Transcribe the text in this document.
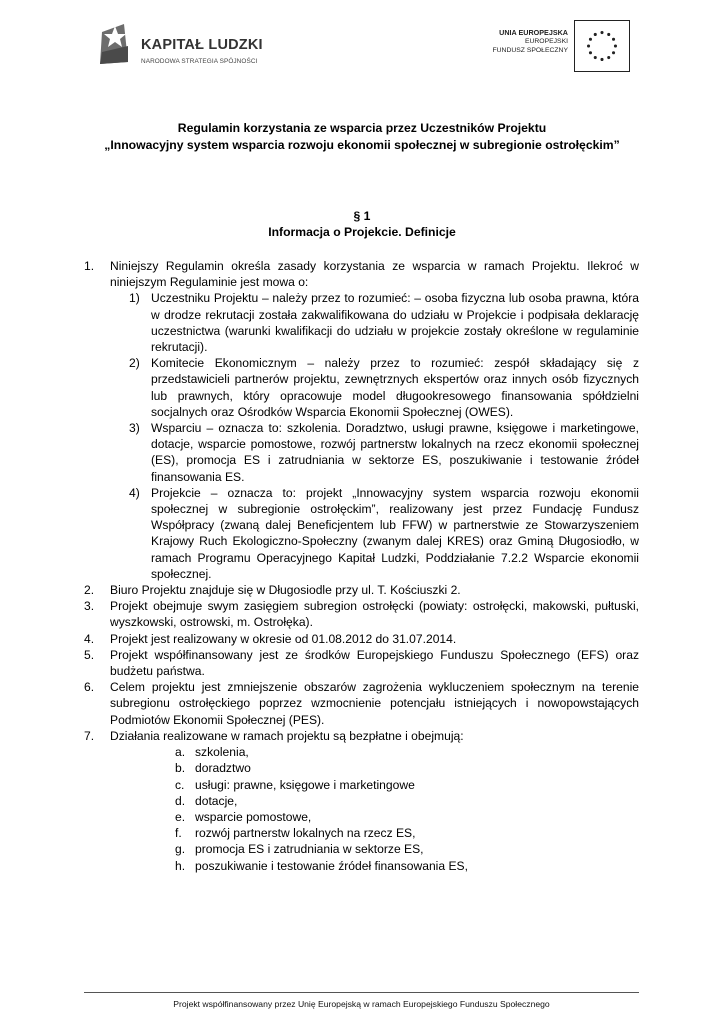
KAPITAŁ LUDZKI
NARODOWA STRATEGIA SPÓJNOŚCI
UNIA EUROPEJSKA
EUROPEJSKI
FUNDUSZ SPOŁECZNY
Regulamin korzystania ze wsparcia przez Uczestników Projektu
„Innowacyjny system wsparcia rozwoju ekonomii społecznej w subregionie ostrołęckim”
§ 1
Informacja o Projekcie. Definicje
1. Niniejszy Regulamin określa zasady korzystania ze wsparcia w ramach Projektu. Ilekroć w niniejszym Regulaminie jest mowa o:
1) Uczestniku Projektu – należy przez to rozumieć: – osoba fizyczna lub osoba prawna, która w drodze rekrutacji została zakwalifikowana do udziału w Projekcie i podpisała deklarację uczestnictwa (warunki kwalifikacji do udziału w projekcie zostały określone w regulaminie rekrutacji).
2) Komitecie Ekonomicznym – należy przez to rozumieć: zespół składający się z przedstawicieli partnerów projektu, zewnętrznych ekspertów oraz innych osób fizycznych lub prawnych, który opracowuje model długookresowego finansowania spółdzielni socjalnych oraz Ośrodków Wsparcia Ekonomii Społecznej (OWES).
3) Wsparciu – oznacza to: szkolenia. Doradztwo, usługi prawne, księgowe i marketingowe, dotacje, wsparcie pomostowe, rozwój partnerstw lokalnych na rzecz ekonomii społecznej (ES), promocja ES i zatrudniania w sektorze ES, poszukiwanie i testowanie źródeł finansowania ES.
4) Projekcie – oznacza to: projekt „Innowacyjny system wsparcia rozwoju ekonomii społecznej w subregionie ostrołęckim”, realizowany jest przez Fundację Fundusz Współpracy (zwaną dalej Beneficjentem lub FFW) w partnerstwie ze Stowarzyszeniem Krajowy Ruch Ekologiczno-Społeczny (zwanym dalej KRES) oraz Gminą Długosiodło, w ramach Programu Operacyjnego Kapitał Ludzki, Poddziałanie 7.2.2 Wsparcie ekonomii społecznej.
2. Biuro Projektu znajduje się w Długosiodle przy ul. T. Kościuszki 2.
3. Projekt obejmuje swym zasięgiem subregion ostrołęcki (powiaty: ostrołęcki, makowski, pułtuski, wyszkowski, ostrowski, m. Ostrołęka).
4. Projekt jest realizowany w okresie od 01.08.2012 do 31.07.2014.
5. Projekt współfinansowany jest ze środków Europejskiego Funduszu Społecznego (EFS) oraz budżetu państwa.
6. Celem projektu jest zmniejszenie obszarów zagrożenia wykluczeniem społecznym na terenie subregionu ostrołęckiego poprzez wzmocnienie potencjału istniejących i nowopowstających Podmiotów Ekonomii Społecznej (PES).
7. Działania realizowane w ramach projektu są bezpłatne i obejmują:
a. szkolenia,
b. doradztwo
c. usługi: prawne, księgowe i marketingowe
d. dotacje,
e. wsparcie pomostowe,
f. rozwój partnerstw lokalnych na rzecz ES,
g. promocja ES i zatrudniania w sektorze ES,
h. poszukiwanie i testowanie źródeł finansowania ES,
Projekt współfinansowany przez Unię Europejską w ramach Europejskiego Funduszu Społecznego
